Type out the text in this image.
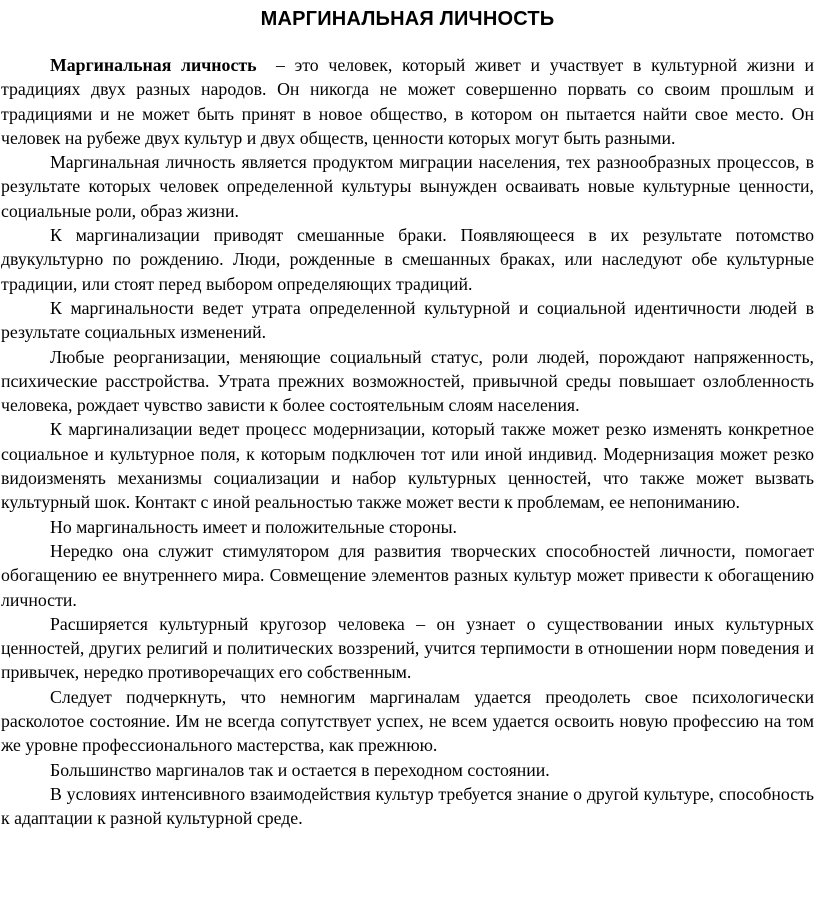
МАРГИНАЛЬНАЯ ЛИЧНОСТЬ

Маргинальная личность  – это человек, который живет и участвует в культурной жизни и традициях двух разных народов. Он никогда не может совершенно порвать со своим прошлым и традициями и не может быть принят в новое общество, в котором он пытается найти свое место. Он человек на рубеже двух культур и двух обществ, ценности которых могут быть разными.

Маргинальная личность является продуктом миграции населения, тех разнообразных процессов, в результате которых человек определенной культуры вынужден осваивать новые культурные ценности, социальные роли, образ жизни.

К маргинализации приводят смешанные браки. Появляющееся в их результате потомство двукультурно по рождению. Люди, рожденные в смешанных браках, или наследуют обе культурные традиции, или стоят перед выбором определяющих традиций.

К маргинальности ведет утрата определенной культурной и социальной идентичности людей в результате социальных изменений.

Любые реорганизации, меняющие социальный статус, роли людей, порождают напряженность, психические расстройства. Утрата прежних возможностей, привычной среды повышает озлобленность человека, рождает чувство зависти к более состоятельным слоям населения.

К маргинализации ведет процесс модернизации, который также может резко изменять конкретное социальное и культурное поля, к которым подключен тот или иной индивид. Модернизация может резко видоизменять механизмы социализации и набор культурных ценностей, что также может вызвать культурный шок. Контакт с иной реальностью также может вести к проблемам, ее непониманию.

Но маргинальность имеет и положительные стороны.

Нередко она служит стимулятором для развития творческих способностей личности, помогает обогащению ее внутреннего мира. Совмещение элементов разных культур может привести к обогащению личности.

Расширяется культурный кругозор человека – он узнает о существовании иных культурных ценностей, других религий и политических воззрений, учится терпимости в отношении норм поведения и привычек, нередко противоречащих его собственным.

Следует подчеркнуть, что немногим маргиналам удается преодолеть свое психологически расколотое состояние. Им не всегда сопутствует успех, не всем удается освоить новую профессию на том же уровне профессионального мастерства, как прежнюю.

Большинство маргиналов так и остается в переходном состоянии.

В условиях интенсивного взаимодействия культур требуется знание о другой культуре, способность к адаптации к разной культурной среде.
